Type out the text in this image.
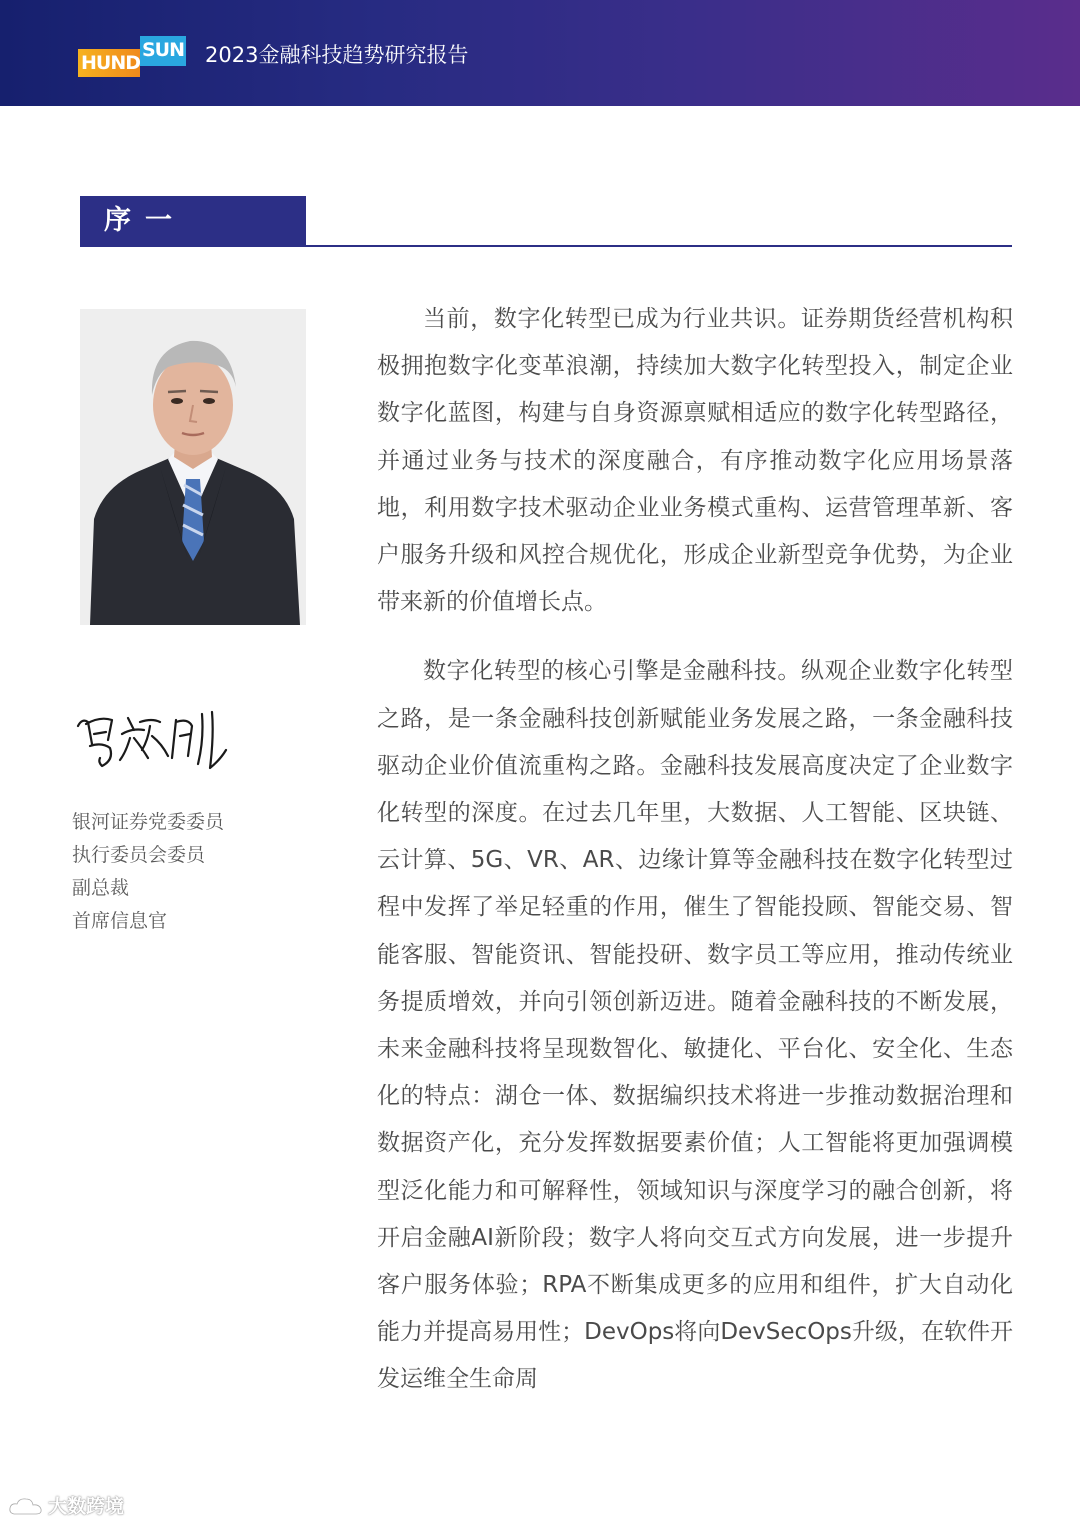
HUND
SUN 2023金融科技趋势研究报告
序一
银河证券党委委员
执行委员会委员
副总裁
首席信息官

当前，数字化转型已成为行业共识。证券期货经营机构积极拥抱数字化变革浪潮，持续加大数字化转型投入，制定企业数字化蓝图，构建与自身资源禀赋相适应的数字化转型路径，并通过业务与技术的深度融合，有序推动数字化应用场景落地，利用数字技术驱动企业业务模式重构、运营管理革新、客户服务升级和风控合规优化，形成企业新型竞争优势，为企业带来新的价值增长点。

数字化转型的核心引擎是金融科技。纵观企业数字化转型之路，是一条金融科技创新赋能业务发展之路，一条金融科技驱动企业价值流重构之路。金融科技发展高度决定了企业数字化转型的深度。在过去几年里，大数据、人工智能、区块链、云计算、5G、VR、AR、边缘计算等金融科技在数字化转型过程中发挥了举足轻重的作用，催生了智能投顾、智能交易、智能客服、智能资讯、智能投研、数字员工等应用，推动传统业务提质增效，并向引领创新迈进。随着金融科技的不断发展，未来金融科技将呈现数智化、敏捷化、平台化、安全化、生态化的特点：湖仓一体、数据编织技术将进一步推动数据治理和数据资产化，充分发挥数据要素价值；人工智能将更加强调模型泛化能力和可解释性，领域知识与深度学习的融合创新，将开启金融AI新阶段；数字人将向交互式方向发展，进一步提升客户服务体验；RPA不断集成更多的应用和组件，扩大自动化能力并提高易用性；DevOps将向DevSecOps升级，在软件开发运维全生命周

大数跨境
